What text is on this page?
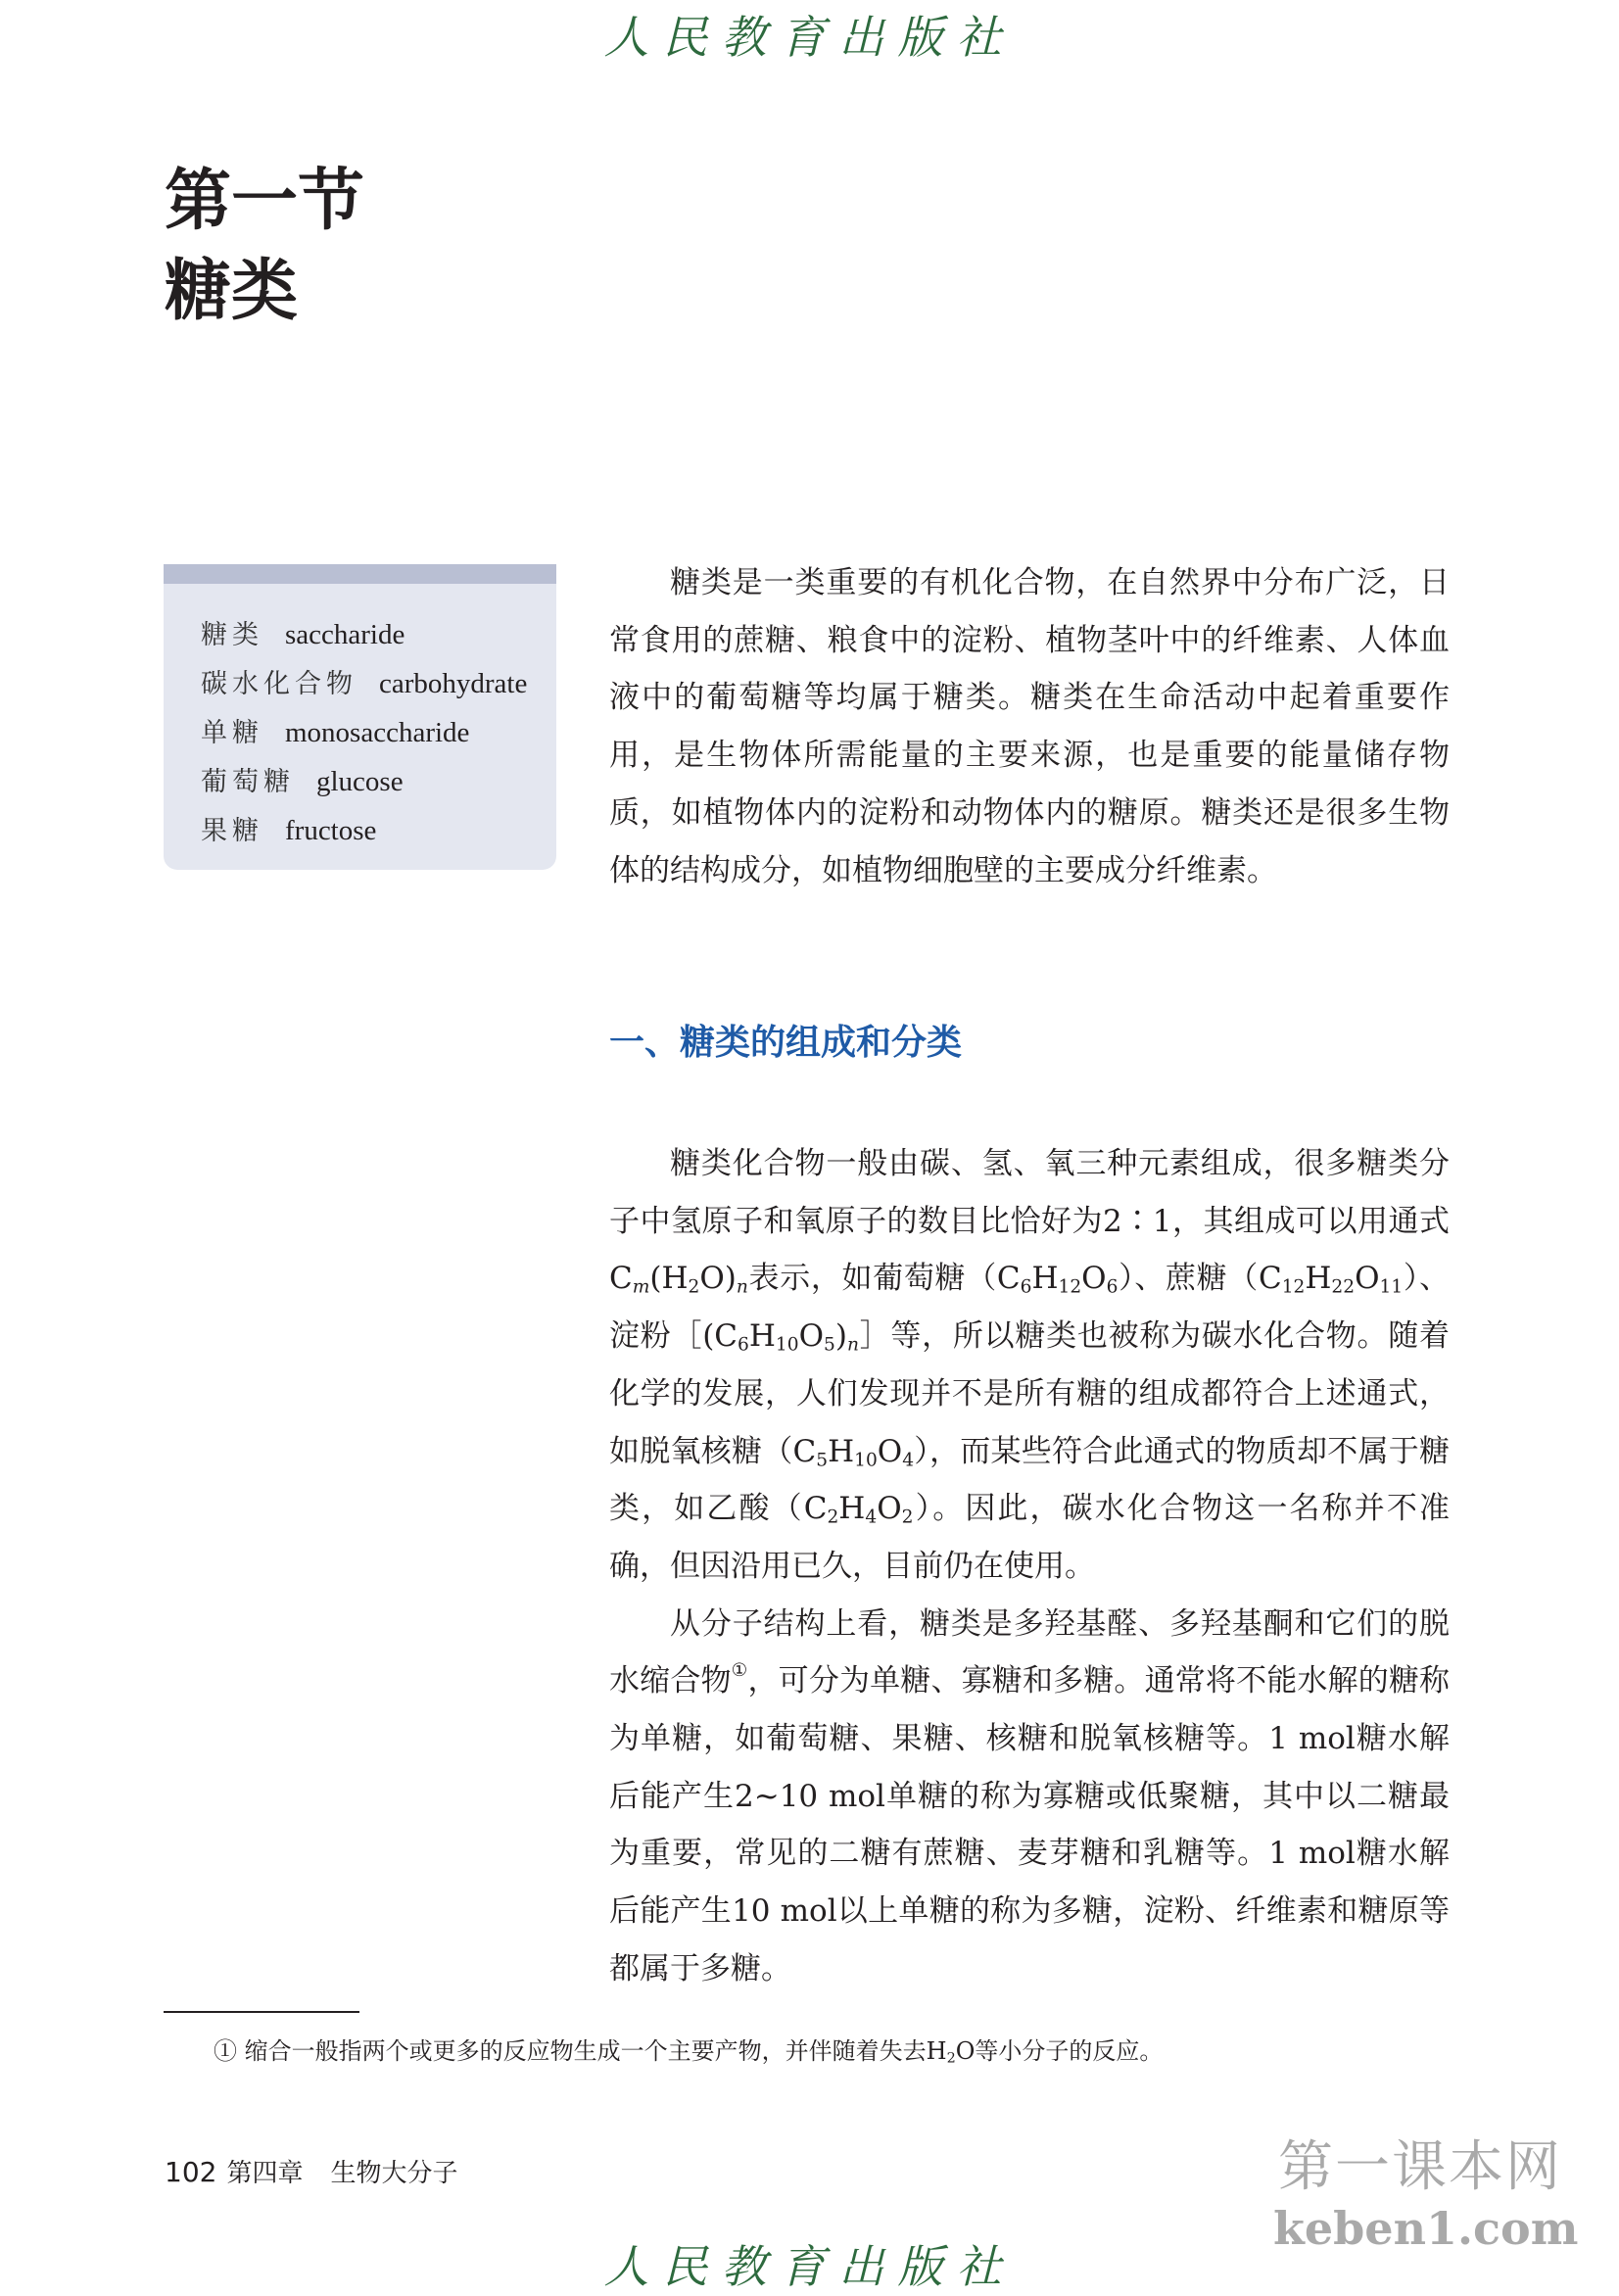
人民教育出版社
第一节
糖类
糖类 saccharide
碳水化合物 carbohydrate
单糖 monosaccharide
葡萄糖 glucose
果糖 fructose

糖类是一类重要的有机化合物，在自然界中分布广泛，日常食用的蔗糖、粮食中的淀粉、植物茎叶中的纤维素、人体血液中的葡萄糖等均属于糖类。糖类在生命活动中起着重要作用，是生物体所需能量的主要来源，也是重要的能量储存物质，如植物体内的淀粉和动物体内的糖原。糖类还是很多生物体的结构成分，如植物细胞壁的主要成分纤维素。

一、糖类的组成和分类

糖类化合物一般由碳、氢、氧三种元素组成，很多糖类分子中氢原子和氧原子的数目比恰好为2∶1，其组成可以用通式$C_m(H_2O)_n$表示，如葡萄糖$(C_6H_{12}O_6)$、蔗糖$(C_{12}H_{22}O_{11})$、淀粉$[(C_6H_{10}O_5)_n]$等，所以糖类也被称为碳水化合物。随着化学的发展，人们发现并不是所有糖的组成都符合上述通式，如脱氧核糖$(C_5H_{10}O_4)$，而某些符合此通式的物质却不属于糖类，如乙酸$(C_2H_4O_2)$。因此，碳水化合物这一名称并不准确，但因沿用已久，目前仍在使用。

从分子结构上看，糖类是多羟基醛、多羟基酮和它们的脱水缩合物①，可分为单糖、寡糖和多糖。通常将不能水解的糖称为单糖，如葡萄糖、果糖、核糖和脱氧核糖等。1 mol糖水解后能产生2~10 mol单糖的称为寡糖或低聚糖，其中以二糖最为重要，常见的二糖有蔗糖、麦芽糖和乳糖等。1 mol糖水解后能产生10 mol以上单糖的称为多糖，淀粉、纤维素和糖原等都属于多糖。

① 缩合一般指两个或更多的反应物生成一个主要产物，并伴随着失去$H_2O$等小分子的反应。
102 第四章 生物大分子	第一课本网
keben1.com
人民教育出版社
